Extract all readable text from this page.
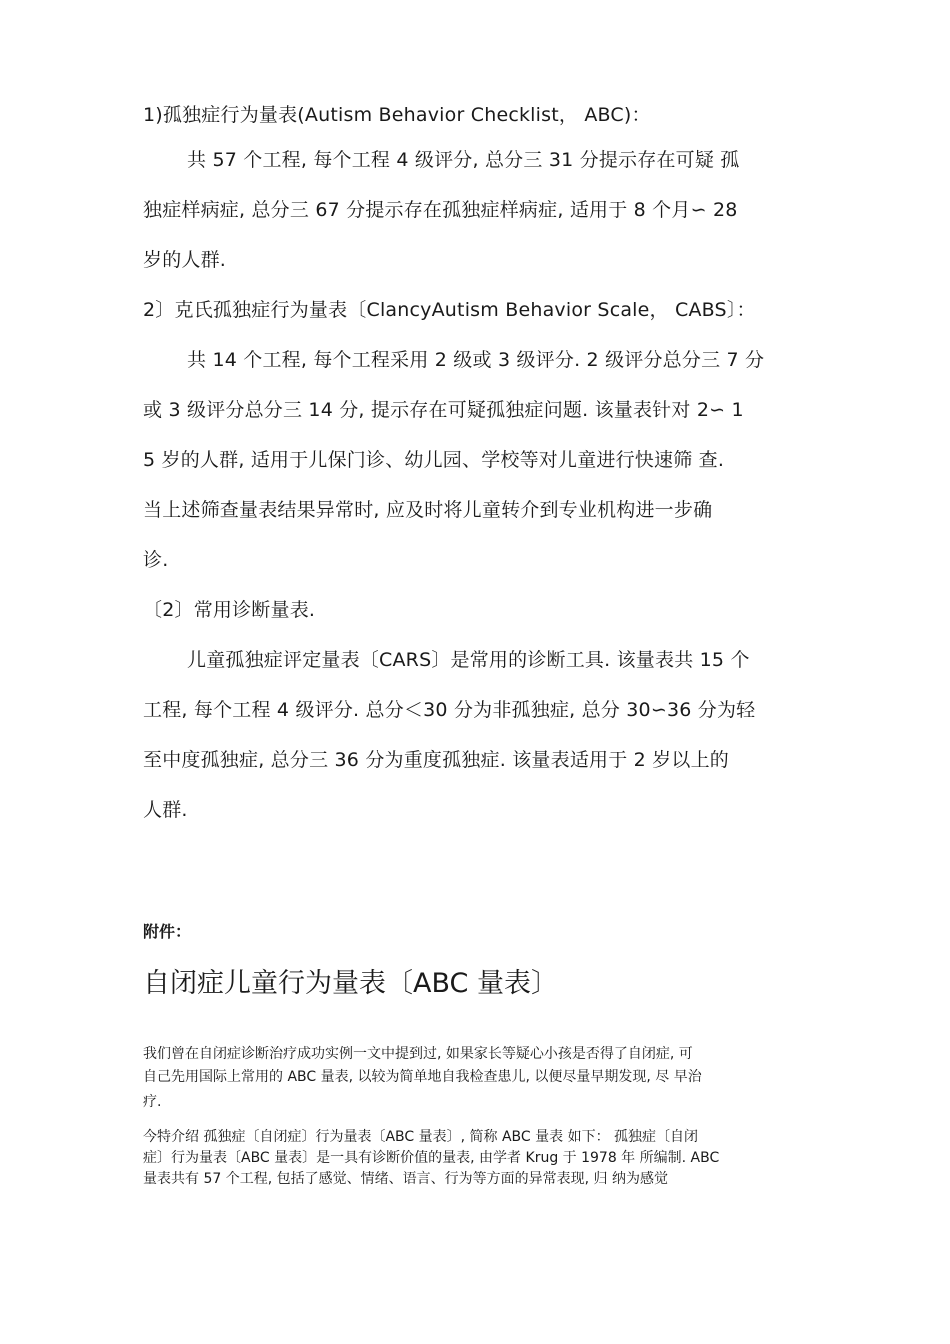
1)孤独症行为量表(Autism Behavior Checklist， ABC)：
共 57 个工程, 每个工程 4 级评分, 总分三 31 分提示存在可疑 孤
独症样病症, 总分三 67 分提示存在孤独症样病症, 适用于 8 个月∽ 28
岁的人群.
2〕克氏孤独症行为量表〔ClancyAutism Behavior Scale， CABS〕：
共 14 个工程, 每个工程采用 2 级或 3 级评分. 2 级评分总分三 7 分
或 3 级评分总分三 14 分, 提示存在可疑孤独症问题. 该量表针对 2∽ 1
5 岁的人群, 适用于儿保门诊、幼儿园、学校等对儿童进行快速筛 查.
当上述筛查量表结果异常时, 应及时将儿童转介到专业机构进一步确
诊.
〔2〕常用诊断量表.
儿童孤独症评定量表〔CARS〕是常用的诊断工具. 该量表共 15 个
工程, 每个工程 4 级评分. 总分＜30 分为非孤独症, 总分 30∽36 分为轻
至中度孤独症, 总分三 36 分为重度孤独症. 该量表适用于 2 岁以上的
人群.
附件：
自闭症儿童行为量表〔ABC 量表〕
我们曾在自闭症诊断治疗成功实例一文中提到过, 如果家长等疑心小孩是否得了自闭症, 可
自己先用国际上常用的 ABC 量表, 以较为简单地自我检查患儿, 以便尽量早期发现, 尽 早治
疗.
今特介绍 孤独症〔自闭症〕行为量表〔ABC 量表〕, 简称 ABC 量表 如下： 孤独症〔自闭
症〕行为量表〔ABC 量表〕是一具有诊断价值的量表, 由学者 Krug 于 1978 年 所编制. ABC
量表共有 57 个工程, 包括了感觉、情绪、语言、行为等方面的异常表现, 归 纳为感觉
